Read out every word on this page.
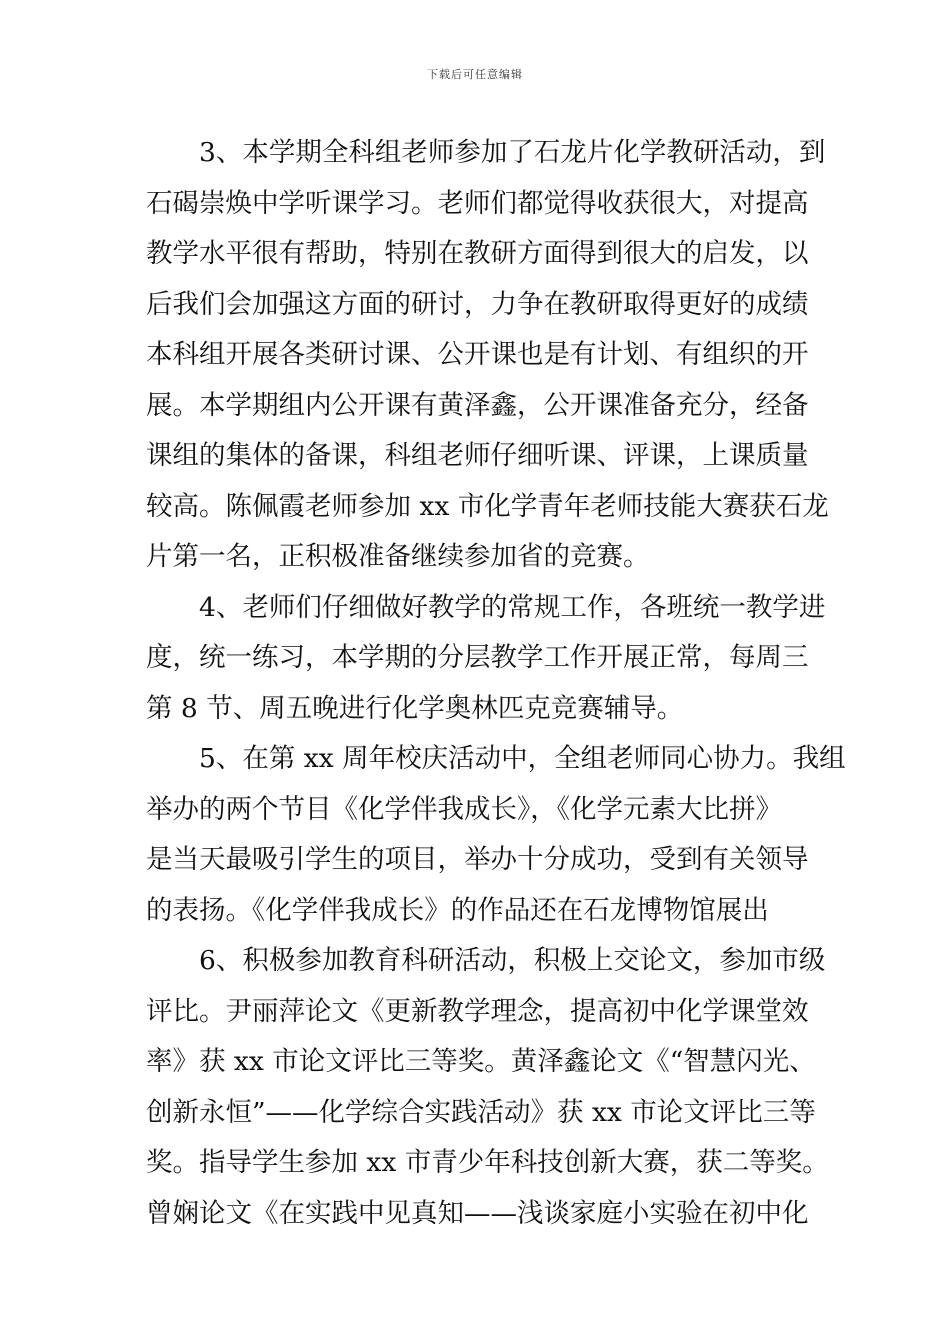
下载后可任意编辑

3、本学期全科组老师参加了石龙片化学教研活动，到
石碣崇焕中学听课学习。老师们都觉得收获很大，对提高
教学水平很有帮助，特别在教研方面得到很大的启发，以
后我们会加强这方面的研讨，力争在教研取得更好的成绩
本科组开展各类研讨课、公开课也是有计划、有组织的开
展。本学期组内公开课有黄泽鑫，公开课准备充分，经备
课组的集体的备课，科组老师仔细听课、评课，上课质量
较高。陈佩霞老师参加 xx 市化学青年老师技能大赛获石龙
片第一名，正积极准备继续参加省的竞赛。

4、老师们仔细做好教学的常规工作，各班统一教学进
度，统一练习，本学期的分层教学工作开展正常，每周三
第 8 节、周五晚进行化学奥林匹克竞赛辅导。

5、在第 xx 周年校庆活动中，全组老师同心协力。我组
举办的两个节目《化学伴我成长》，《化学元素大比拼》
是当天最吸引学生的项目，举办十分成功，受到有关领导
的表扬。《化学伴我成长》的作品还在石龙博物馆展出

6、积极参加教育科研活动，积极上交论文，参加市级
评比。尹丽萍论文《更新教学理念，提高初中化学课堂效
率》获 xx 市论文评比三等奖。黄泽鑫论文《“智慧闪光、
创新永恒”——化学综合实践活动》获 xx 市论文评比三等
奖。指导学生参加 xx 市青少年科技创新大赛，获二等奖。
曾娴论文《在实践中见真知——浅谈家庭小实验在初中化
